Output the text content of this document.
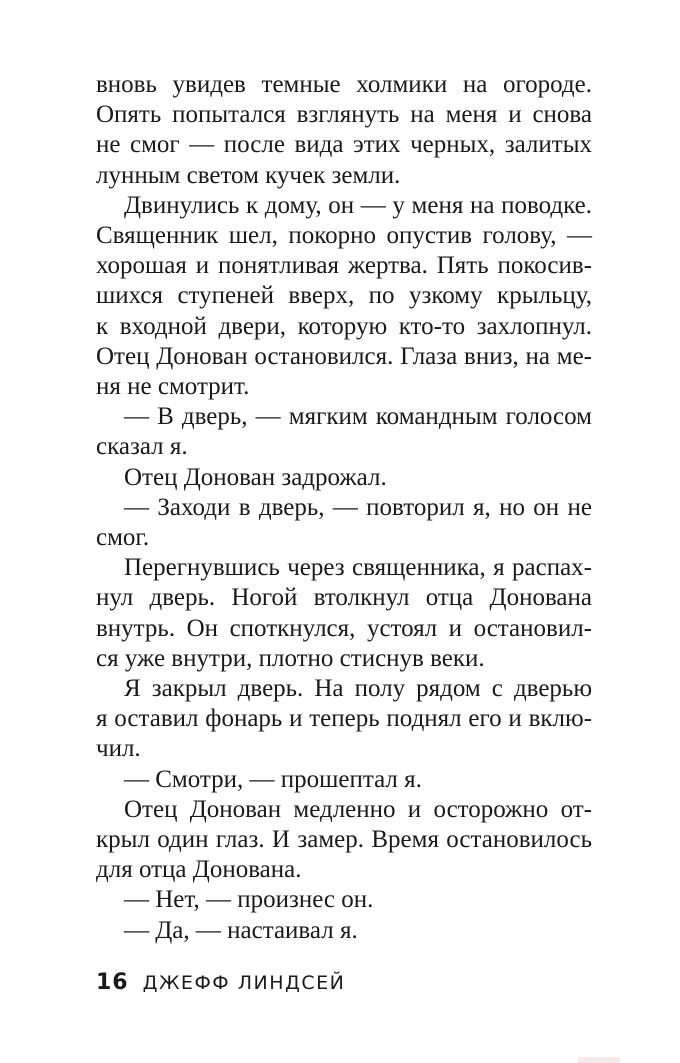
вновь увидев темные холмики на огороде.
Опять попытался взглянуть на меня и снова
не смог — после вида этих черных, залитых
лунным светом кучек земли.

Двинулись к дому, он — у меня на поводке.
Священник шел, покорно опустив голову, —
хорошая и понятливая жертва. Пять покосив-
шихся ступеней вверх, по узкому крыльцу,
к входной двери, которую кто-то захлопнул.
Отец Донован остановился. Глаза вниз, на ме-
ня не смотрит.

— В дверь, — мягким командным голосом
сказал я.

Отец Донован задрожал.

— Заходи в дверь, — повторил я, но он не
смог.

Перегнувшись через священника, я распах-
нул дверь. Ногой втолкнул отца Донована
внутрь. Он споткнулся, устоял и остановил-
ся уже внутри, плотно стиснув веки.

Я закрыл дверь. На полу рядом с дверью
я оставил фонарь и теперь поднял его и вклю-
чил.

— Смотри, — прошептал я.

Отец Донован медленно и осторожно от-
крыл один глаз. И замер. Время остановилось
для отца Донована.

— Нет, — произнес он.

— Да, — настаивал я.

16 ДЖЕФФ ЛИНДСЕЙ
